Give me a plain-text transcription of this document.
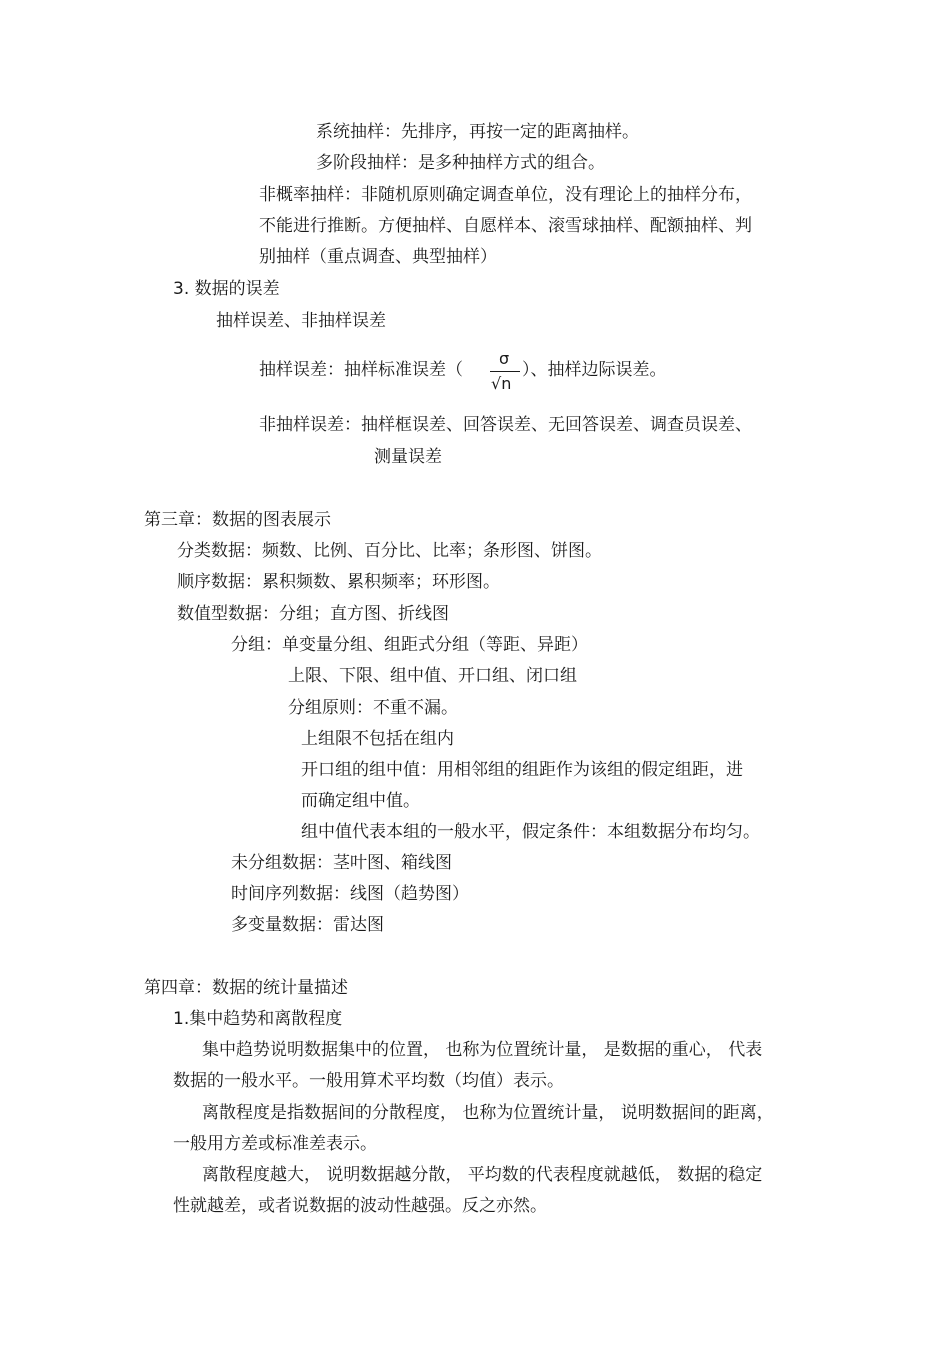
系统抽样：先排序，再按一定的距离抽样。
多阶段抽样：是多种抽样方式的组合。
非概率抽样：非随机原则确定调查单位，没有理论上的抽样分布，
不能进行推断。方便抽样、自愿样本、滚雪球抽样、配额抽样、判
别抽样（重点调查、典型抽样）
3. 数据的误差
抽样误差、非抽样误差
抽样误差：抽样标准误差（
σ
√n
）、抽样边际误差。
非抽样误差：抽样框误差、回答误差、无回答误差、调查员误差、
测量误差
第三章：数据的图表展示
分类数据：频数、比例、百分比、比率；条形图、饼图。
顺序数据：累积频数、累积频率；环形图。
数值型数据：分组；直方图、折线图
分组：单变量分组、组距式分组（等距、异距）
上限、下限、组中值、开口组、闭口组
分组原则：不重不漏。
上组限不包括在组内
开口组的组中值：用相邻组的组距作为该组的假定组距，进
而确定组中值。
组中值代表本组的一般水平，假定条件：本组数据分布均匀。
未分组数据：茎叶图、箱线图
时间序列数据：线图（趋势图）
多变量数据：雷达图
第四章：数据的统计量描述
1.集中趋势和离散程度
集中趋势说明数据集中的位置， 也称为位置统计量， 是数据的重心， 代表
数据的一般水平。一般用算术平均数（均值）表示。
离散程度是指数据间的分散程度， 也称为位置统计量， 说明数据间的距离，
一般用方差或标准差表示。
离散程度越大， 说明数据越分散， 平均数的代表程度就越低， 数据的稳定
性就越差，或者说数据的波动性越强。反之亦然。
